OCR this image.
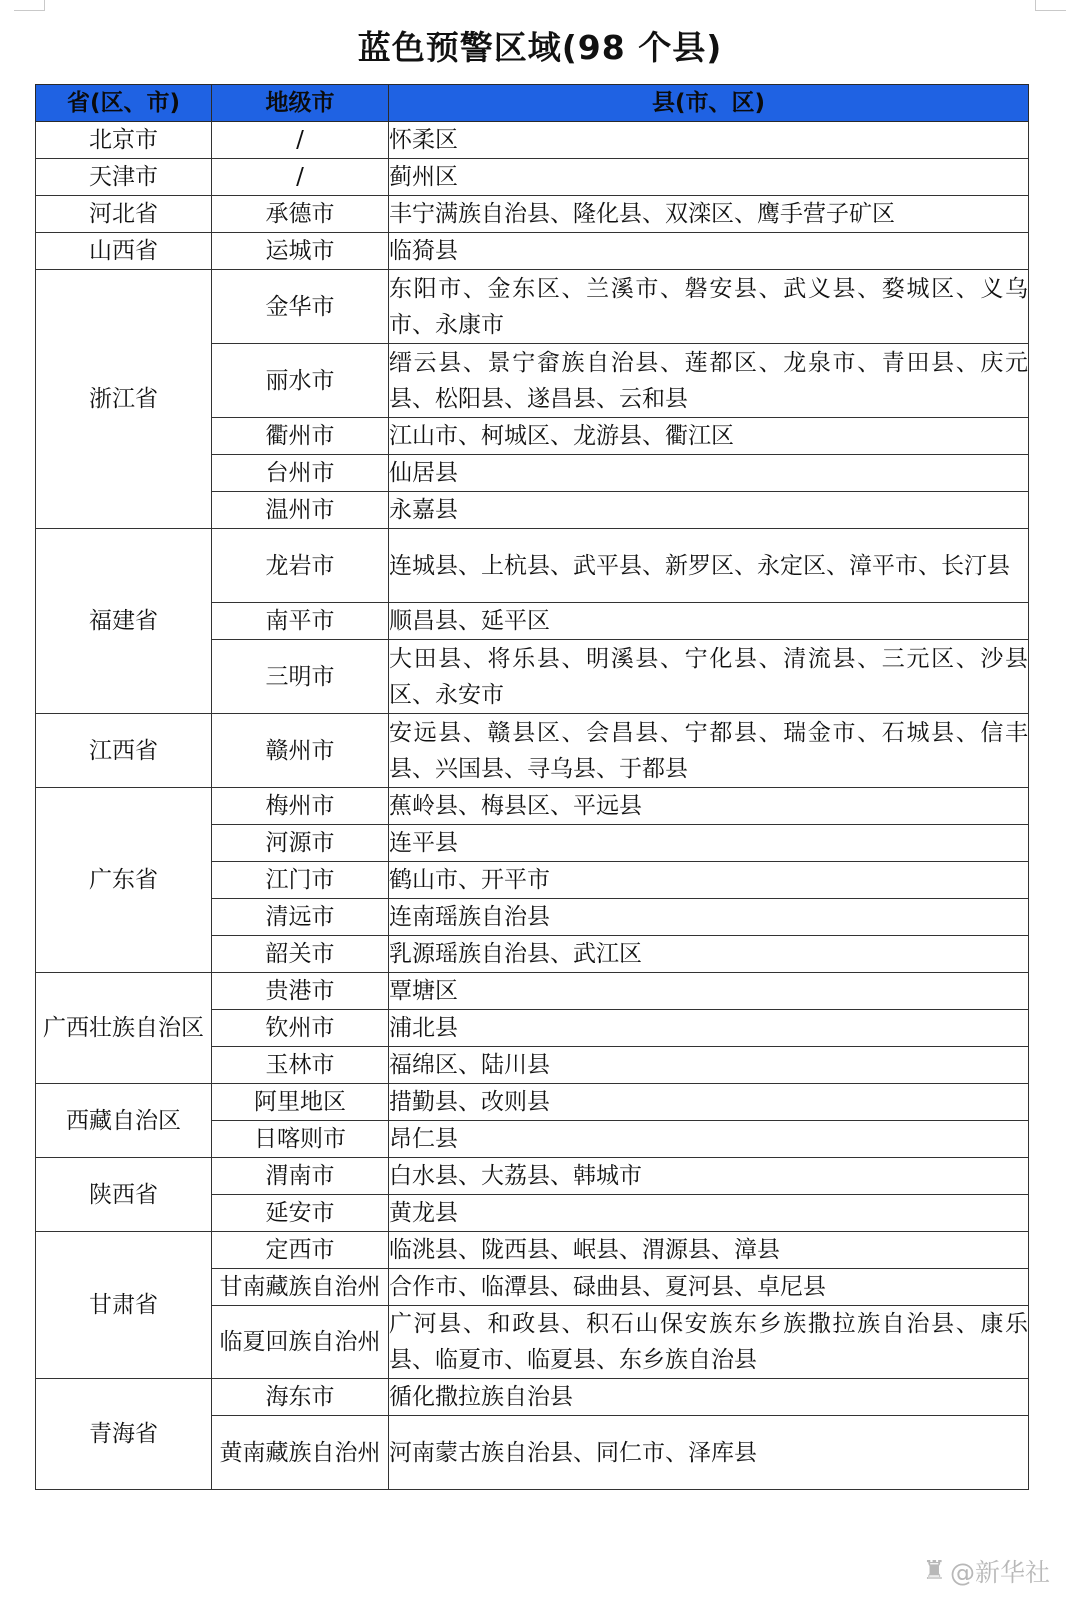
蓝色预警区域(98 个县)
省(区、市)	地级市	县(市、区)
北京市	/	怀柔区
天津市	/	蓟州区
河北省	承德市	丰宁满族自治县、隆化县、双滦区、鹰手营子矿区
山西省	运城市	临猗县
浙江省	金华市	东阳市、金东区、兰溪市、磐安县、武义县、婺城区、义乌市、永康市
	丽水市	缙云县、景宁畲族自治县、莲都区、龙泉市、青田县、庆元县、松阳县、遂昌县、云和县
	衢州市	江山市、柯城区、龙游县、衢江区
	台州市	仙居县
	温州市	永嘉县
福建省	龙岩市	连城县、上杭县、武平县、新罗区、永定区、漳平市、长汀县
	南平市	顺昌县、延平区
	三明市	大田县、将乐县、明溪县、宁化县、清流县、三元区、沙县区、永安市
江西省	赣州市	安远县、赣县区、会昌县、宁都县、瑞金市、石城县、信丰县、兴国县、寻乌县、于都县
广东省	梅州市	蕉岭县、梅县区、平远县
	河源市	连平县
	江门市	鹤山市、开平市
	清远市	连南瑶族自治县
	韶关市	乳源瑶族自治县、武江区
广西壮族自治区	贵港市	覃塘区
	钦州市	浦北县
	玉林市	福绵区、陆川县
西藏自治区	阿里地区	措勤县、改则县
	日喀则市	昂仁县
陕西省	渭南市	白水县、大荔县、韩城市
	延安市	黄龙县
甘肃省	定西市	临洮县、陇西县、岷县、渭源县、漳县
	甘南藏族自治州	合作市、临潭县、碌曲县、夏河县、卓尼县
	临夏回族自治州	广河县、和政县、积石山保安族东乡族撒拉族自治县、康乐县、临夏市、临夏县、东乡族自治县
青海省	海东市	循化撒拉族自治县
	黄南藏族自治州	河南蒙古族自治县、同仁市、泽库县
♜ @新华社
